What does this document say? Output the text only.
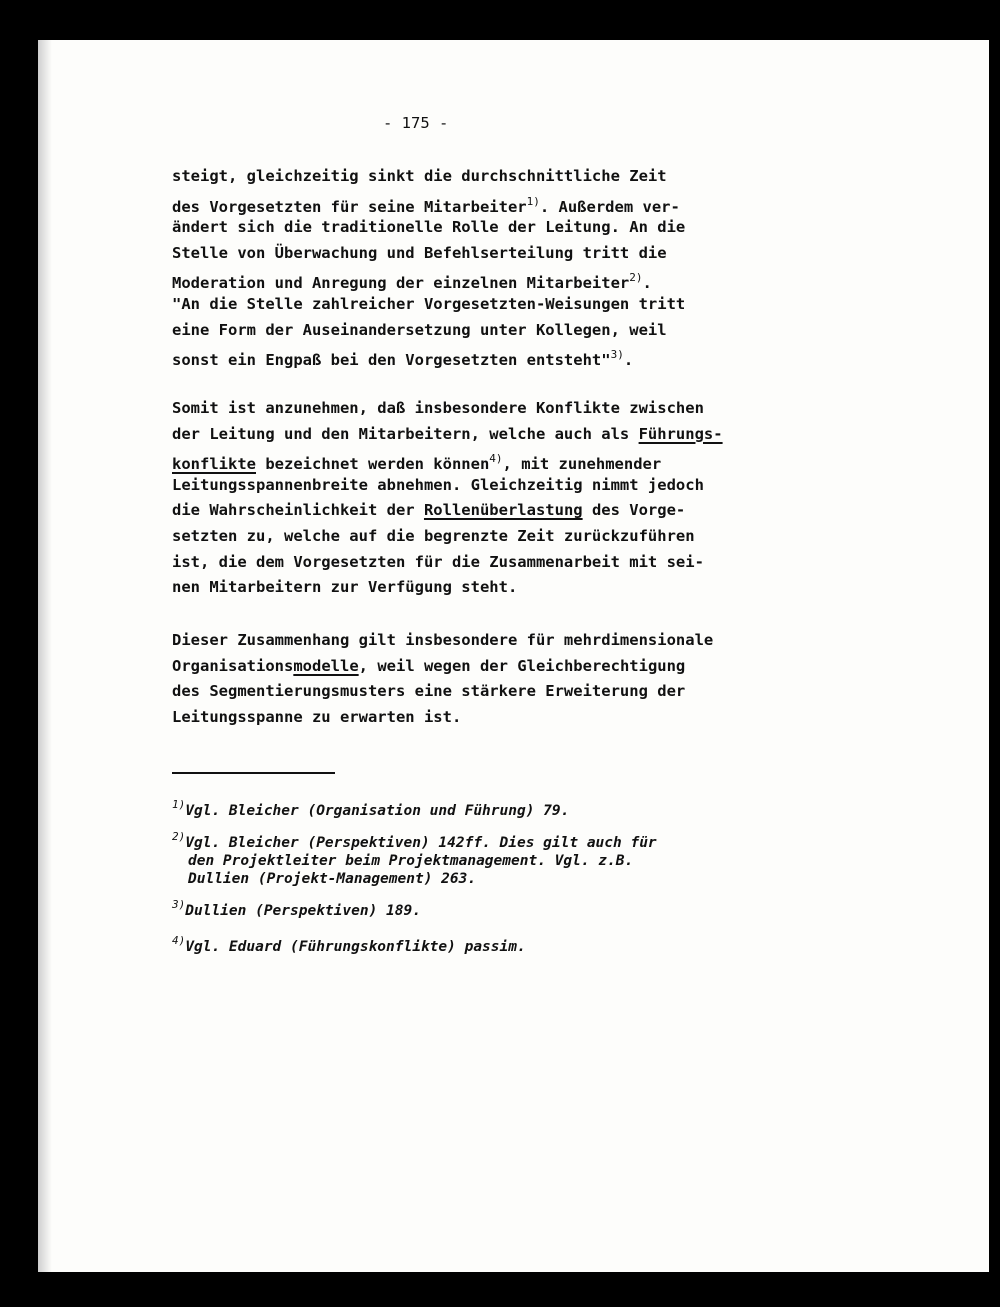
- 175 -
steigt, gleichzeitig sinkt die durchschnittliche Zeit
des Vorgesetzten für seine Mitarbeiter$^{1)}$. Außerdem ver-
ändert sich die traditionelle Rolle der Leitung. An die
Stelle von Überwachung und Befehlserteilung tritt die
Moderation und Anregung der einzelnen Mitarbeiter$^{2)}$.
"An die Stelle zahlreicher Vorgesetzten-Weisungen tritt
eine Form der Auseinandersetzung unter Kollegen, weil
sonst ein Engpaß bei den Vorgesetzten entsteht"$^{3)}$.
Somit ist anzunehmen, daß insbesondere Konflikte zwischen
der Leitung und den Mitarbeitern, welche auch als Führungs-
konflikte bezeichnet werden können$^{4)}$, mit zunehmender
Leitungsspannenbreite abnehmen. Gleichzeitig nimmt jedoch
die Wahrscheinlichkeit der Rollenüberlastung des Vorge-
setzten zu, welche auf die begrenzte Zeit zurückzuführen
ist, die dem Vorgesetzten für die Zusammenarbeit mit sei-
nen Mitarbeitern zur Verfügung steht.
Dieser Zusammenhang gilt insbesondere für mehrdimensionale
Organisationsmodelle, weil wegen der Gleichberechtigung
des Segmentierungsmusters eine stärkere Erweiterung der
Leitungsspanne zu erwarten ist.
$^{1)}$Vgl. Bleicher (Organisation und Führung) 79.
$^{2)}$Vgl. Bleicher (Perspektiven) 142ff. Dies gilt auch für
den Projektleiter beim Projektmanagement. Vgl. z.B.
Dullien (Projekt-Management) 263.
$^{3)}$Dullien (Perspektiven) 189.
$^{4)}$Vgl. Eduard (Führungskonflikte) passim.
